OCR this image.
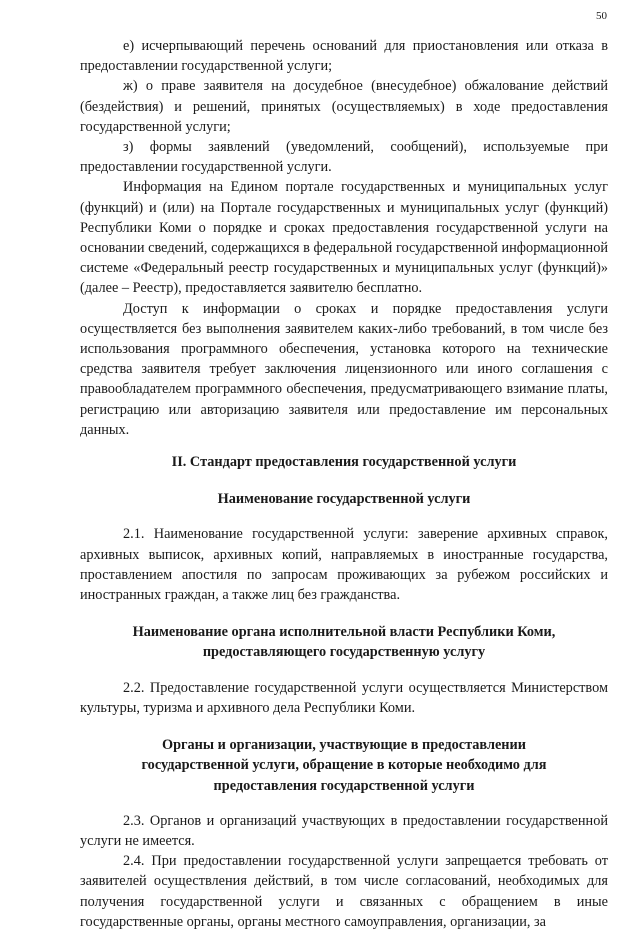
50

е) исчерпывающий перечень оснований для приостановления или отказа в предоставлении государственной услуги;

ж) о праве заявителя на досудебное (внесудебное) обжалование действий (бездействия) и решений, принятых (осуществляемых) в ходе предоставления государственной услуги;

з) формы заявлений (уведомлений, сообщений), используемые при предоставлении государственной услуги.

Информация на Едином портале государственных и муниципальных услуг (функций) и (или) на Портале государственных и муниципальных услуг (функций) Республики Коми о порядке и сроках предоставления государственной услуги на основании сведений, содержащихся в федеральной государственной информационной системе «Федеральный реестр государственных и муниципальных услуг (функций)» (далее – Реестр), предоставляется заявителю бесплатно.

Доступ к информации о сроках и порядке предоставления услуги осуществляется без выполнения заявителем каких-либо требований, в том числе без использования программного обеспечения, установка которого на технические средства заявителя требует заключения лицензионного или иного соглашения с правообладателем программного обеспечения, предусматривающего взимание платы, регистрацию или авторизацию заявителя или предоставление им персональных данных.

II. Стандарт предоставления государственной услуги

Наименование государственной услуги

2.1. Наименование государственной услуги: заверение архивных справок, архивных выписок, архивных копий, направляемых в иностранные государства, проставлением апостиля по запросам проживающих за рубежом российских и иностранных граждан, а также лиц без гражданства.

Наименование органа исполнительной власти Республики Коми,
предоставляющего государственную услугу

2.2. Предоставление государственной услуги осуществляется Министерством культуры, туризма и архивного дела Республики Коми.

Органы и организации, участвующие в предоставлении
государственной услуги, обращение в которые необходимо для
предоставления государственной услуги

2.3. Органов и организаций участвующих в предоставлении государственной услуги не имеется.

2.4. При предоставлении государственной услуги запрещается требовать от заявителей осуществления действий, в том числе согласований, необходимых для получения государственной услуги и связанных с обращением в иные государственные органы, органы местного самоуправления, организации, за
